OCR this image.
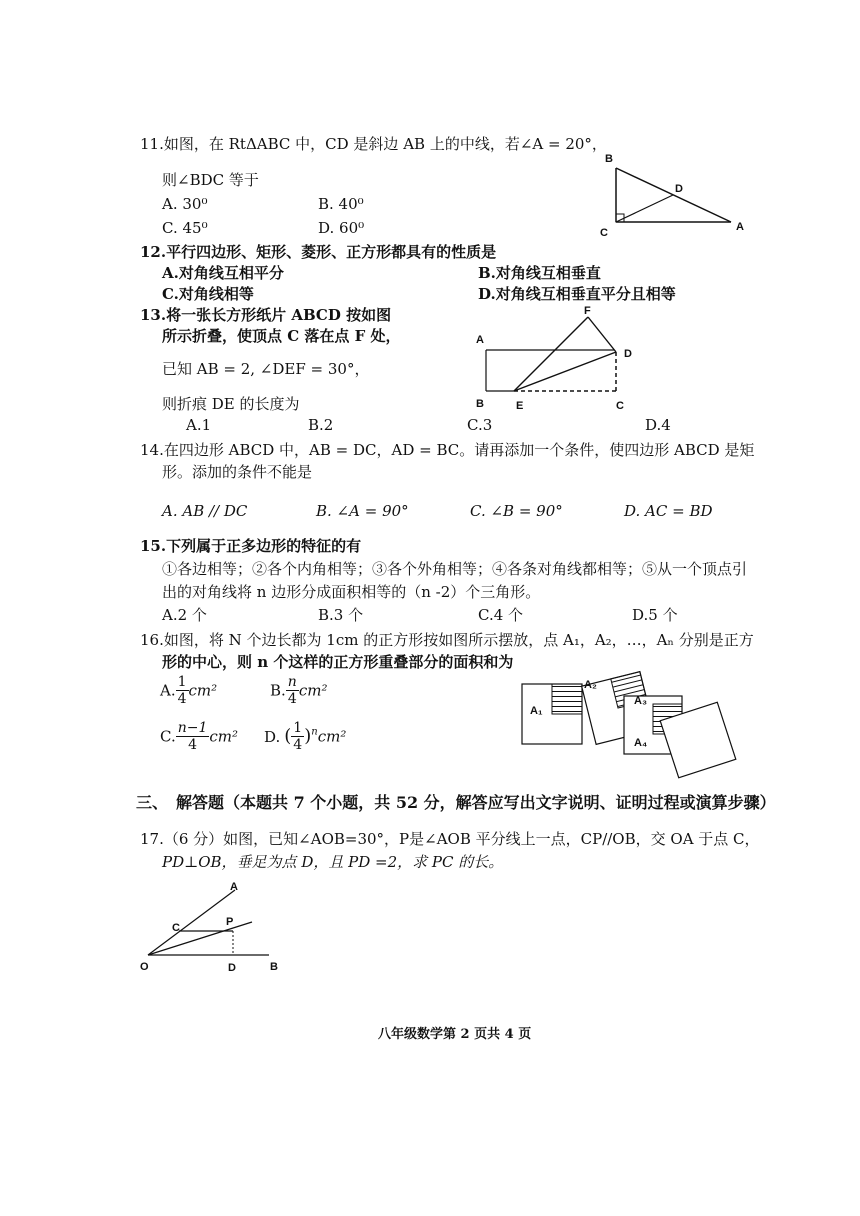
11.如图，在 RtΔABC 中，CD 是斜边 AB 上的中线，若∠A = 20°，
则∠BDC 等于
A. 30⁰	B. 40⁰
C. 45⁰	D. 60⁰
B
D
C	A
12.平行四边形、矩形、菱形、正方形都具有的性质是
A.对角线互相平分	B.对角线互相垂直
C.对角线相等	D.对角线互相垂直平分且相等
13.将一张长方形纸片 ABCD 按如图
所示折叠，使顶点 C 落在点 F 处，
已知 AB = 2, ∠DEF = 30°，
则折痕 DE 的长度为
A.1	B.2	C.3	D.4
F
A
D
B	E	C
14.在四边形 ABCD 中，AB = DC，AD = BC。请再添加一个条件，使四边形 ABCD 是矩
形。添加的条件不能是
A. AB // DC	B. ∠A = 90°	C. ∠B = 90°	D. AC = BD
15.下列属于正多边形的特征的有
①各边相等；②各个内角相等；③各个外角相等；④各条对角线都相等；⑤从一个顶点引
出的对角线将 n 边形分成面积相等的（n -2）个三角形。
A.2 个	B.3 个	C.4 个	D.5 个
16.如图，将 N 个边长都为 1cm 的正方形按如图所示摆放，点 A₁，A₂，…，Aₙ 分别是正方
形的中心，则 n 个这样的正方形重叠部分的面积和为
A. $\frac{1}{4} cm^2$	B. $\frac{n}{4} cm^2$
C. $\frac{n-1}{4} cm^2$ D. ( $\frac{1}{4} )^ncm^2$
A₁
A₂
A₃
A₄
三、　解答题（本题共 7 个小题，共 52 分，解答应写出文字说明、证明过程或演算步骤）
17.（6 分）如图，已知∠AOB=30°，P是∠AOB 平分线上一点，CP//OB，交 OA 于点 C，
PD⊥OB，垂足为点 D，且 PD =2，求 PC 的长。
A
C	P
O	D	B
八年级数学第 2 页共 4 页
